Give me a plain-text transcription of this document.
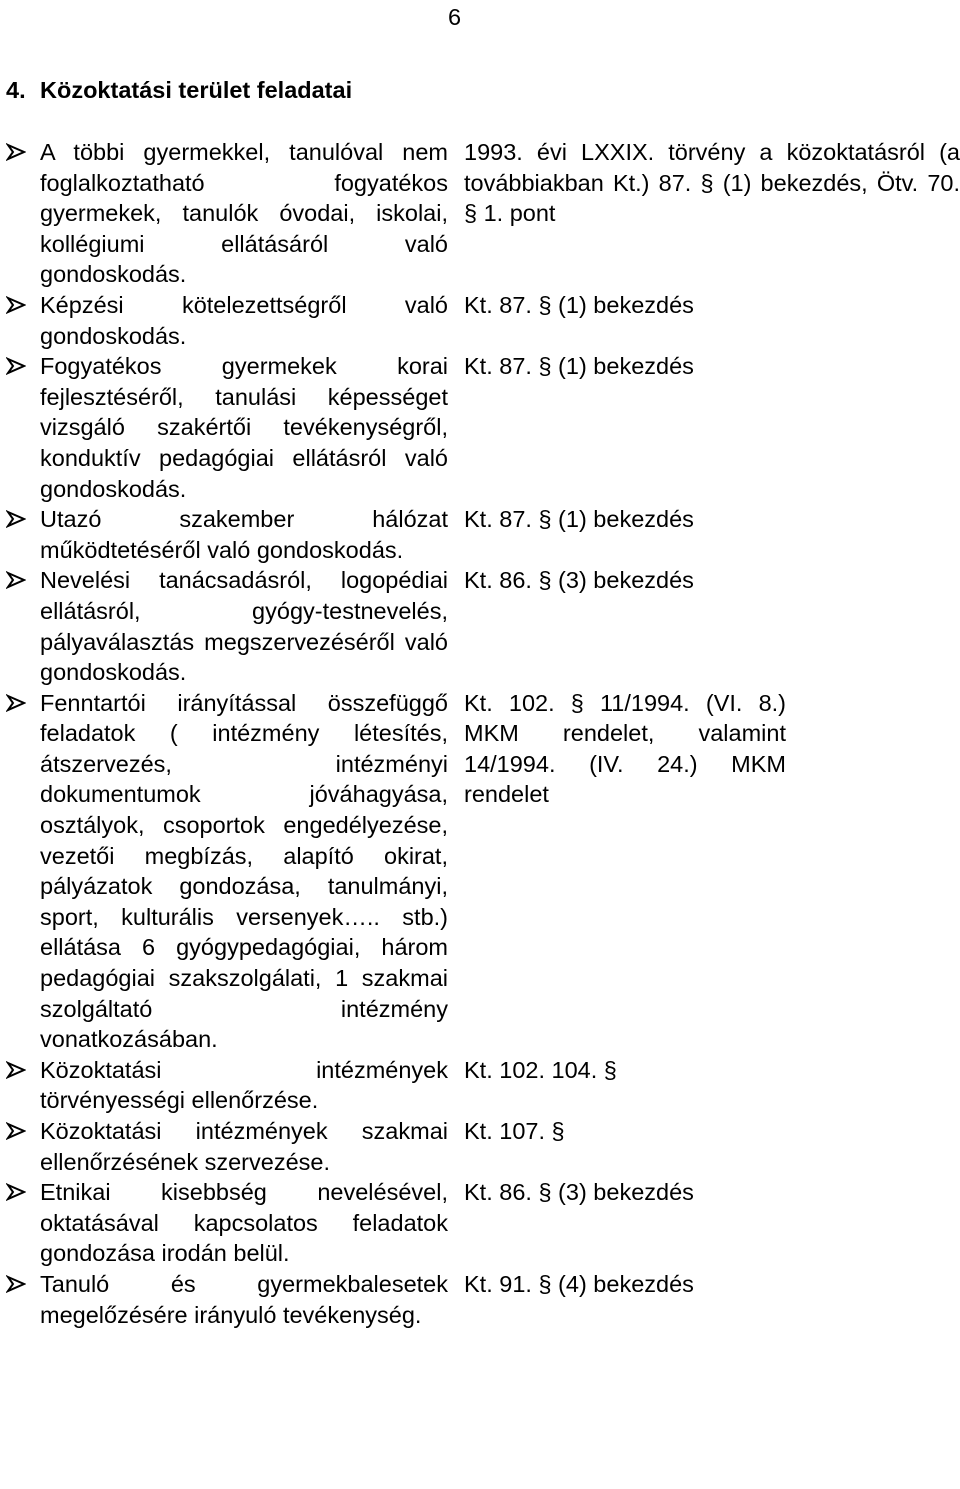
6
4. Közoktatási terület feladatai
A többi gyermekkel, tanulóval nem foglalkoztatható fogyatékos gyermekek, tanulók óvodai, iskolai, kollégiumi ellátásáról való gondoskodás.
1993. évi LXXIX. törvény a közoktatásról (a továbbiakban Kt.) 87. § (1) bekezdés, Ötv. 70. § 1. pont
Képzési kötelezettségről való gondoskodás.
Kt. 87. § (1) bekezdés
Fogyatékos gyermekek korai fejlesztéséről, tanulási képességet vizsgáló szakértői tevékenységről, konduktív pedagógiai ellátásról való gondoskodás.
Kt. 87. § (1) bekezdés
Utazó szakember hálózat működtetéséről való gondoskodás.
Kt. 87. § (1) bekezdés
Nevelési tanácsadásról, logopédiai ellátásról, gyógy-testnevelés, pályaválasztás megszervezéséről való gondoskodás.
Kt. 86. § (3) bekezdés
Fenntartói irányítással összefüggő feladatok ( intézmény létesítés, átszervezés, intézményi dokumentumok jóváhagyása, osztályok, csoportok engedélyezése, vezetői megbízás, alapító okirat, pályázatok gondozása, tanulmányi, sport, kulturális versenyek….. stb.) ellátása 6 gyógypedagógiai, három pedagógiai szakszolgálati, 1 szakmai szolgáltató intézmény vonatkozásában.
Kt. 102. § 11/1994. (VI. 8.) MKM rendelet, valamint 14/1994. (IV. 24.) MKM rendelet
Közoktatási intézmények törvényességi ellenőrzése.
Kt. 102. 104. §
Közoktatási intézmények szakmai ellenőrzésének szervezése.
Kt. 107. §
Etnikai kisebbség nevelésével, oktatásával kapcsolatos feladatok gondozása irodán belül.
Kt. 86. § (3) bekezdés
Tanuló és gyermekbalesetek megelőzésére irányuló tevékenység.
Kt. 91. § (4) bekezdés
